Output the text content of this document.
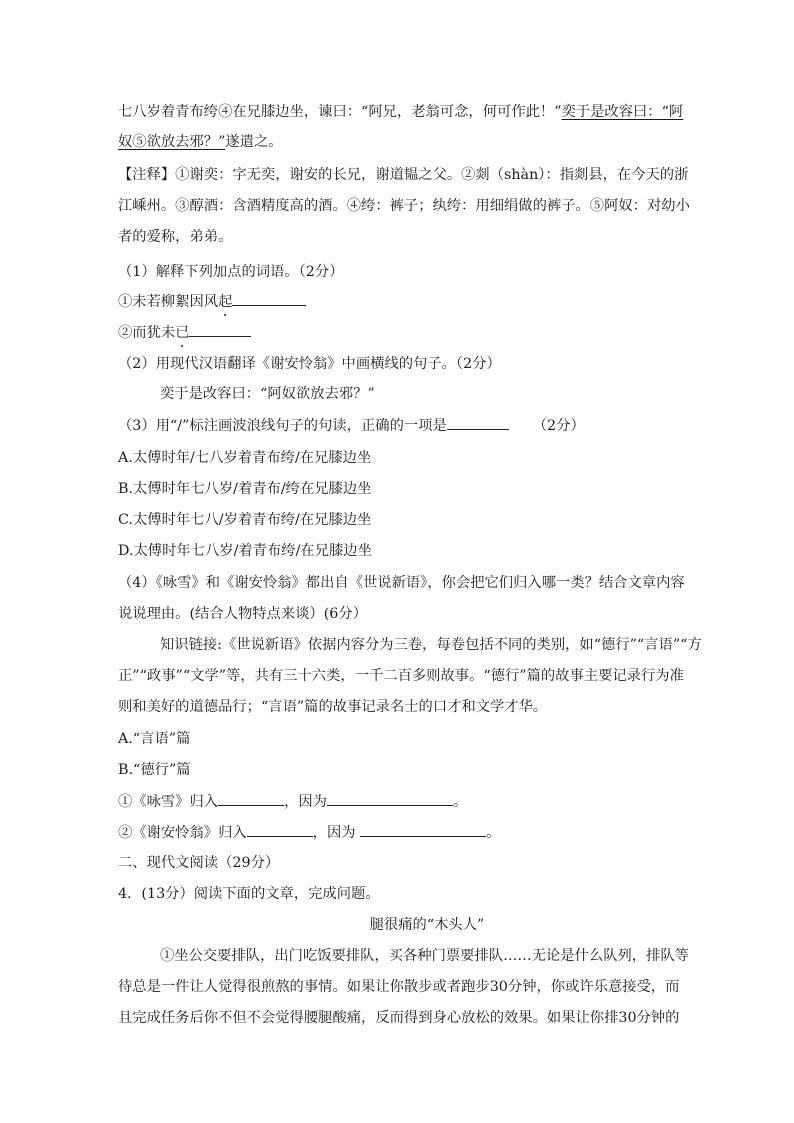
七八岁着青布绔④在兄膝边坐，谏曰：“阿兄，老翁可念，何可作此！”奕于是改容曰：“阿
奴⑤欲放去邪？”遂遣之。
【注释】①谢奕：字无奕，谢安的长兄，谢道韫之父。②剡（shàn）：指剡县，在今天的浙
江嵊州。③醇酒：含酒精度高的酒。④绔：裤子；纨绔：用细绢做的裤子。⑤阿奴：对幼小
者的爱称，弟弟。
（1）解释下列加点的词语。（2分）
①未若柳絮因风起
②而犹未已
（2）用现代汉语翻译《谢安怜翁》中画横线的句子。（2分）
奕于是改容曰：“阿奴欲放去邪？”
（3）用“/”标注画波浪线句子的句读，正确的一项是	（2分）
A.太傅时年/七八岁着青布绔/在兄膝边坐
B.太傅时年七八岁/着青布/绔在兄膝边坐
C.太傅时年七八/岁着青布绔/在兄膝边坐
D.太傅时年七八岁/着青布绔/在兄膝边坐
（4）《咏雪》和《谢安怜翁》都出自《世说新语》，你会把它们归入哪一类？结合文章内容
说说理由。(结合人物特点来谈）(6分）
知识链接:《世说新语》依据内容分为三卷，每卷包括不同的类别，如“德行”“言语”“方
正”“政事”“文学”等，共有三十六类，一千二百多则故事。“德行”篇的故事主要记录行为准
则和美好的道德品行；“言语”篇的故事记录名士的口才和文学才华。
A.“言语”篇
B.“德行”篇
①《咏雪》归入	，因为	。
②《谢安怜翁》归入	，因为	。
二、现代文阅读（29分）
4．(13分）阅读下面的文章，完成问题。
腿很痛的“木头人”
①坐公交要排队，出门吃饭要排队，买各种门票要排队……无论是什么队列，排队等
待总是一件让人觉得很煎熬的事情。如果让你散步或者跑步30分钟，你或许乐意接受，而
且完成任务后你不但不会觉得腰腿酸痛，反而得到身心放松的效果。如果让你排30分钟的
